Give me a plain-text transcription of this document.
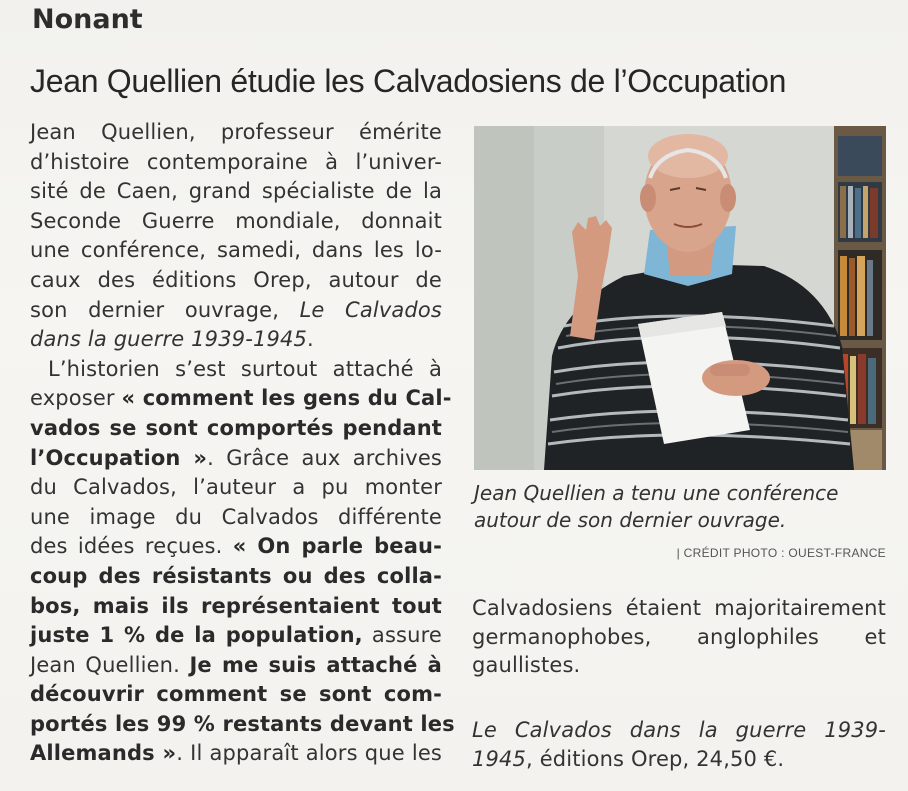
Nonant
Jean Quellien étudie les Calvadosiens de l’Occupation
Jean Quellien, professeur émérite
d’histoire contemporaine à l’univer-
sité de Caen, grand spécialiste de la
Seconde Guerre mondiale, donnait
une conférence, samedi, dans les lo-
caux des éditions Orep, autour de
son dernier ouvrage, Le Calvados
dans la guerre 1939-1945.
L’historien s’est surtout attaché à
exposer « comment les gens du Cal-
vados se sont comportés pendant
l’Occupation ». Grâce aux archives
du Calvados, l’auteur a pu monter
une image du Calvados différente
des idées reçues. « On parle beau-
coup des résistants ou des colla-
bos, mais ils représentaient tout
juste 1 % de la population, assure
Jean Quellien. Je me suis attaché à
découvrir comment se sont com-
portés les 99 % restants devant les
Allemands ». Il apparaît alors que les
Jean Quellien a tenu une conférence
autour de son dernier ouvrage.
| CRÉDIT PHOTO : OUEST-FRANCE
Calvadosiens étaient majoritairement
germanophobes, anglophiles et
gaullistes.
Le Calvados dans la guerre 1939-
1945, éditions Orep, 24,50 €.
